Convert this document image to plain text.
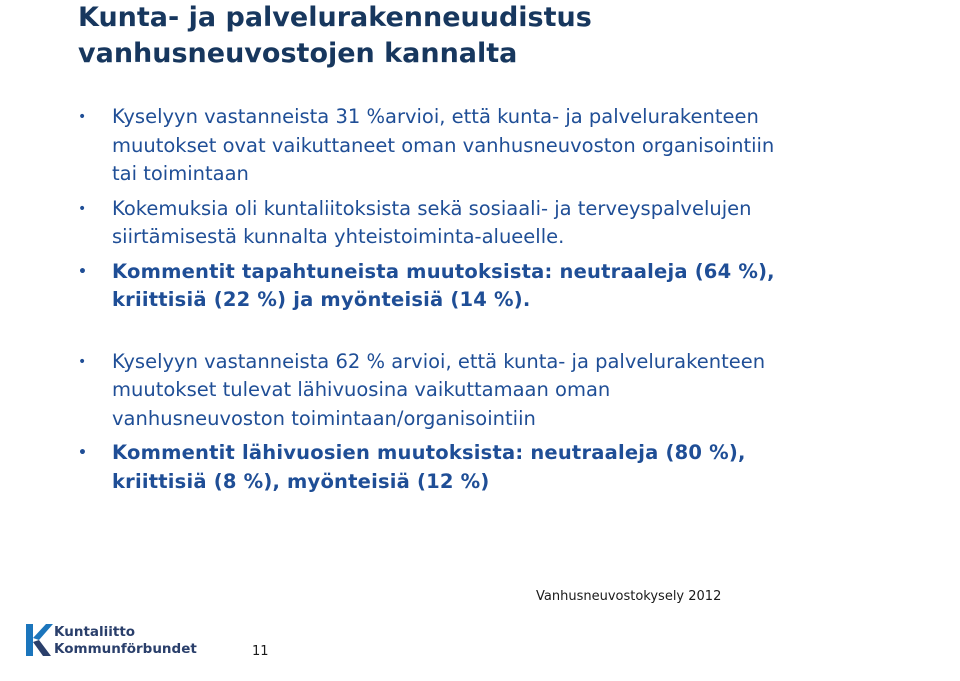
Kunta- ja palvelurakenneuudistus
vanhusneuvostojen kannalta
• Kyselyyn vastanneista 31 %arvioi, että kunta- ja palvelurakenteen
muutokset ovat vaikuttaneet oman vanhusneuvoston organisointiin
tai toimintaan
• Kokemuksia oli kuntaliitoksista sekä sosiaali- ja terveyspalvelujen
siirtämisestä kunnalta yhteistoiminta-alueelle.
• Kommentit tapahtuneista muutoksista: neutraaleja (64 %),
kriittisiä (22 %) ja myönteisiä (14 %).
• Kyselyyn vastanneista 62 % arvioi, että kunta- ja palvelurakenteen
muutokset tulevat lähivuosina vaikuttamaan oman
vanhusneuvoston toimintaan/organisointiin
• Kommentit lähivuosien muutoksista: neutraaleja (80 %),
kriittisiä (8 %), myönteisiä (12 %)
Vanhusneuvostokysely 2012
Kuntaliitto
Kommunförbundet	11
